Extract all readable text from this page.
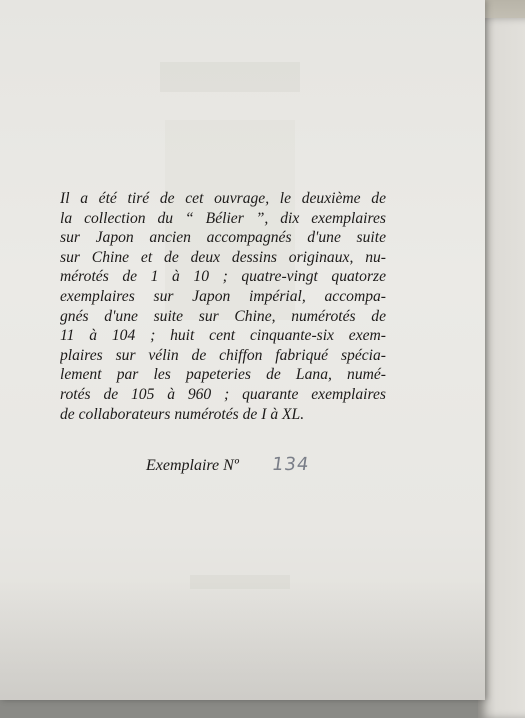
Il a été tiré de cet ouvrage, le deuxième de
la collection du “ Bélier ”, dix exemplaires
sur Japon ancien accompagnés d'une suite
sur Chine et de deux dessins originaux, nu-
mérotés de 1 à 10 ; quatre-vingt quatorze
exemplaires sur Japon impérial, accompa-
gnés d'une suite sur Chine, numérotés de
11 à 104 ; huit cent cinquante-six exem-
plaires sur vélin de chiffon fabriqué spécia-
lement par les papeteries de Lana, numé-
rotés de 105 à 960 ; quarante exemplaires
de collaborateurs numérotés de I à XL.
Exemplaire Nº 134
